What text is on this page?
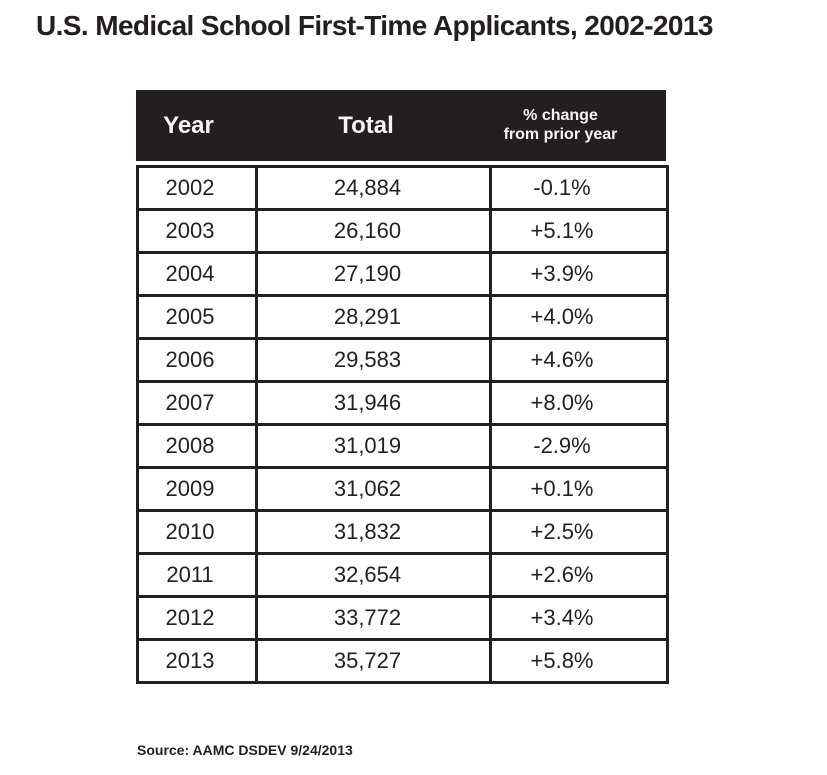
U.S. Medical School First-Time Applicants, 2002-2013
Year	Total	% change
from prior year
2002	24,884	-0.1%
2003	26,160	+5.1%
2004	27,190	+3.9%
2005	28,291	+4.0%
2006	29,583	+4.6%
2007	31,946	+8.0%
2008	31,019	-2.9%
2009	31,062	+0.1%
2010	31,832	+2.5%
2011	32,654	+2.6%
2012	33,772	+3.4%
2013	35,727	+5.8%
Source: AAMC DSDEV 9/24/2013
